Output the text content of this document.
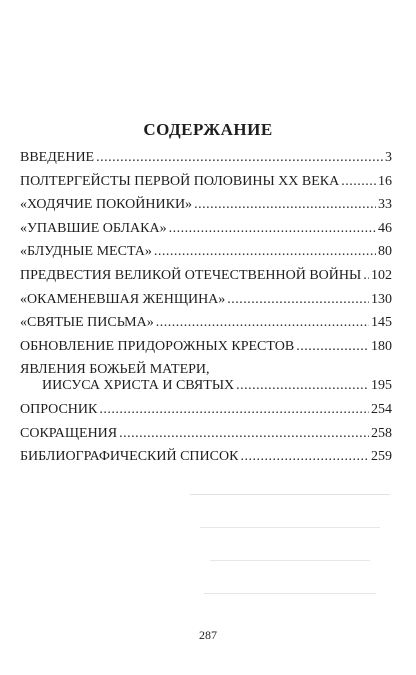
СОДЕРЖАНИЕ
ВВЕДЕНИЕ .....	3
ПОЛТЕРГЕЙСТЫ ПЕРВОЙ ПОЛОВИНЫ XX ВЕКА .....	16
«ХОДЯЧИЕ ПОКОЙНИКИ» .....	33
«УПАВШИЕ ОБЛАКА» .....	46
«БЛУДНЫЕ МЕСТА» .....	80
ПРЕДВЕСТИЯ ВЕЛИКОЙ ОТЕЧЕСТВЕННОЙ ВОЙНЫ ..... 102
«ОКАМЕНЕВШАЯ ЖЕНЩИНА» .....	130
«СВЯТЫЕ ПИСЬМА» .....	145
ОБНОВЛЕНИЕ ПРИДОРОЖНЫХ КРЕСТОВ .....	180
ЯВЛЕНИЯ БОЖЬЕЙ МАТЕРИ,
ИИСУСА ХРИСТА И СВЯТЫХ .....	195
ОПРОСНИК .....	254
СОКРАЩЕНИЯ .....	258
БИБЛИОГРАФИЧЕСКИЙ СПИСОК .....	259
287
